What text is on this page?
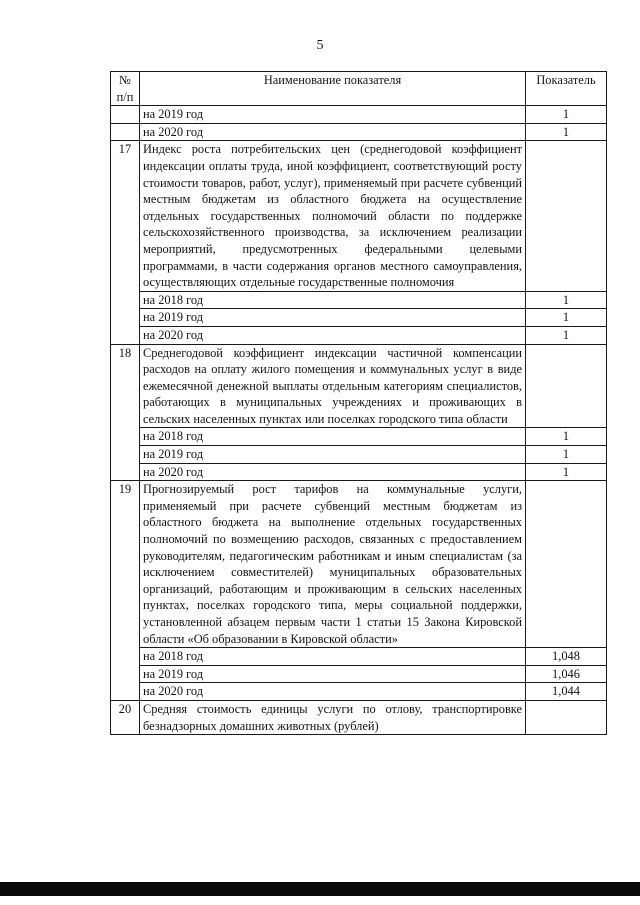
5
№ п/п	Наименование показателя	Показатель
	на 2019 год	1
	на 2020 год	1
17	Индекс роста потребительских цен (среднегодовой коэффициент индексации оплаты труда, иной коэффициент, соответствующий росту стоимости товаров, работ, услуг), применяемый при расчете субвенций местным бюджетам из областного бюджета на осуществление отдельных государственных полномочий области по поддержке сельскохозяйственного производства, за исключением реализации мероприятий, предусмотренных федеральными целевыми программами, в части содержания органов местного самоуправления, осуществляющих отдельные государственные полномочия	
	на 2018 год	1
	на 2019 год	1
	на 2020 год	1
18	Среднегодовой коэффициент индексации частичной компенсации расходов на оплату жилого помещения и коммунальных услуг в виде ежемесячной денежной выплаты отдельным категориям специалистов, работающих в муниципальных учреждениях и проживающих в сельских населенных пунктах или поселках городского типа области	
	на 2018 год	1
	на 2019 год	1
	на 2020 год	1
19	Прогнозируемый рост тарифов на коммунальные услуги, применяемый при расчете субвенций местным бюджетам из областного бюджета на выполнение отдельных государственных полномочий по возмещению расходов, связанных с предоставлением руководителям, педагогическим работникам и иным специалистам (за исключением совместителей) муниципальных образовательных организаций, работающим и проживающим в сельских населенных пунктах, поселках городского типа, меры социальной поддержки, установленной абзацем первым части 1 статьи 15 Закона Кировской области «Об образовании в Кировской области»	
	на 2018 год	1,048
	на 2019 год	1,046
	на 2020 год	1,044
20	Средняя стоимость единицы услуги по отлову, транспортировке безнадзорных домашних животных (рублей)	
